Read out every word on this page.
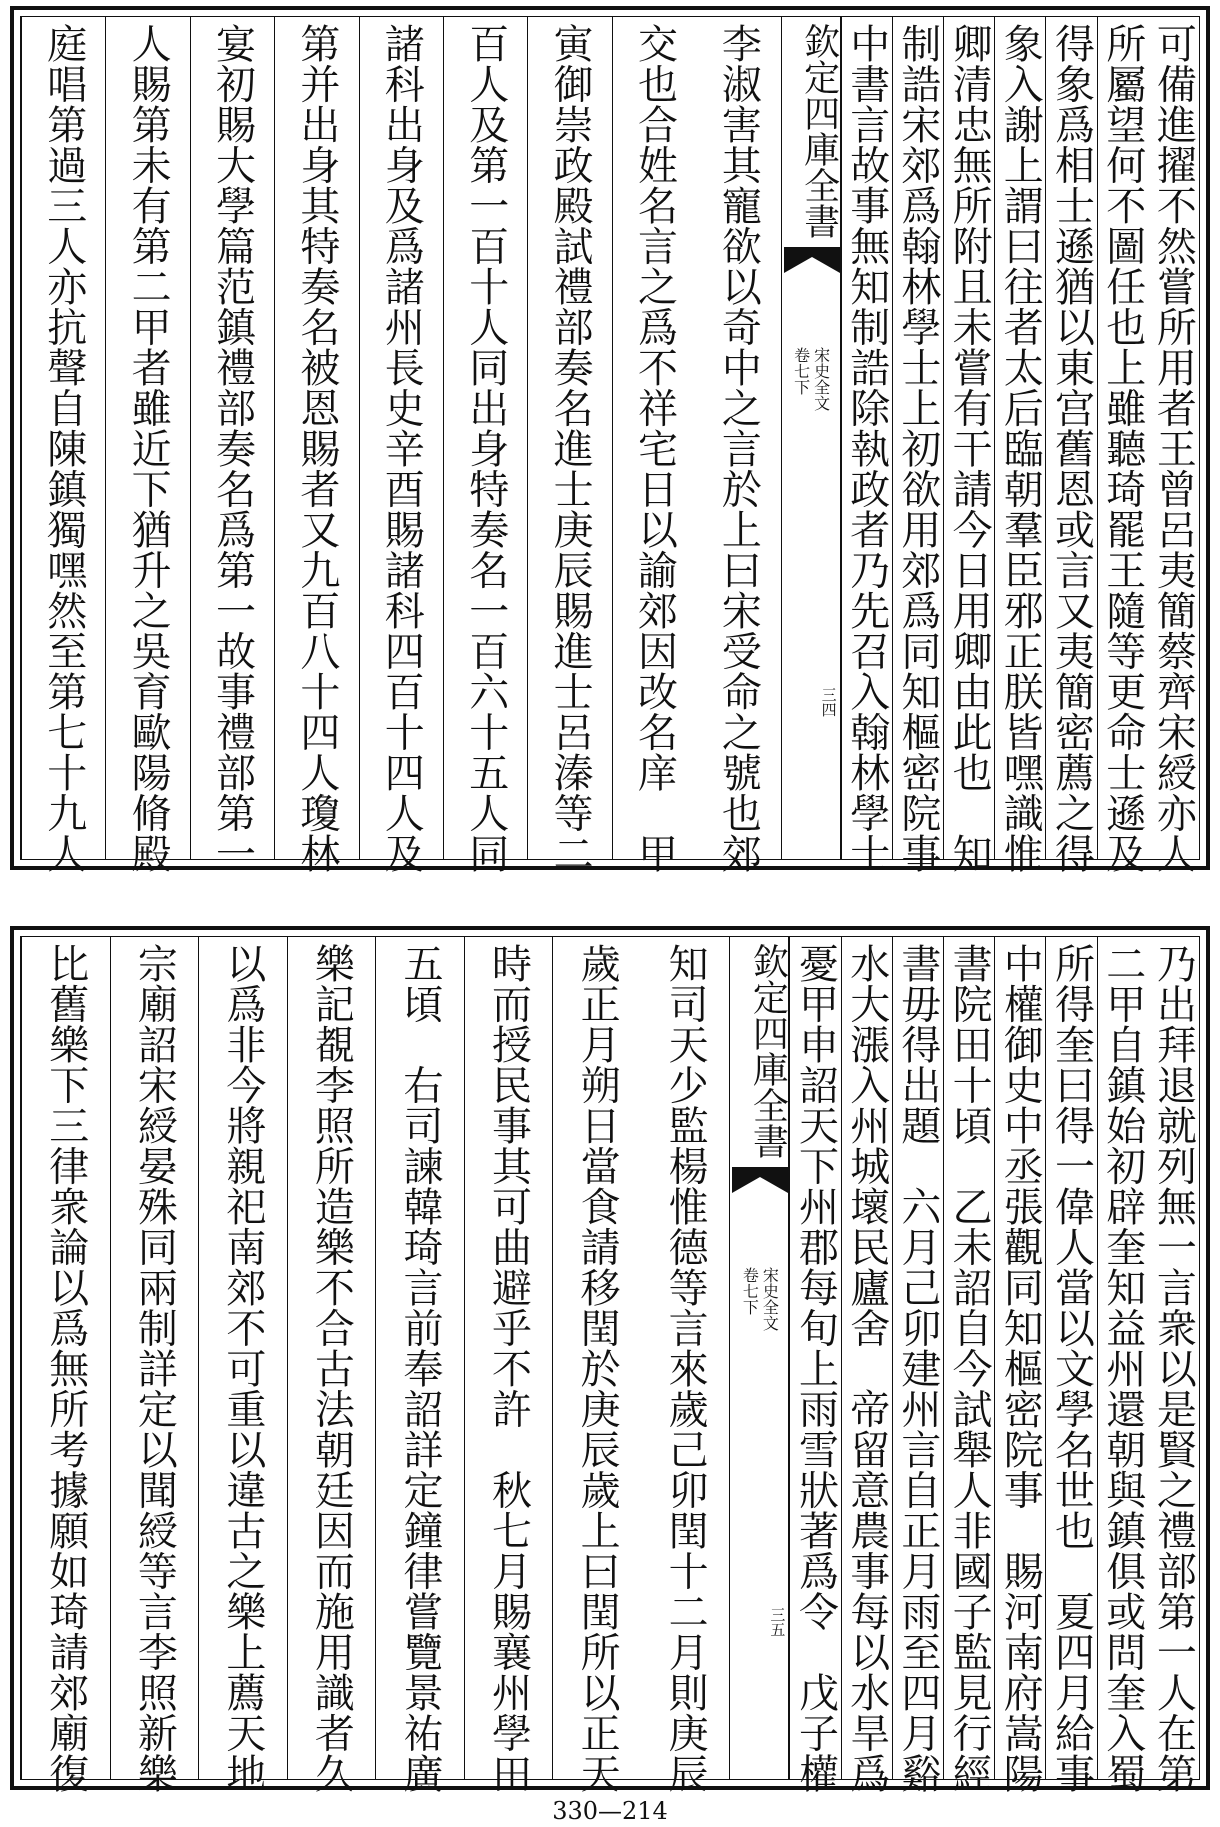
可備進擢不然嘗所用者王曾呂夷簡蔡齊宋綬亦人
所屬望何不圖任也上雖聽琦罷王隨等更命士遜及
得象爲相士遜猶以東宫舊恩或言又夷簡密薦之得
象入謝上謂曰往者太后臨朝羣臣邪正朕皆嘿識惟
卿清忠無所附且未嘗有干請今日用卿由此也　知
制誥宋郊爲翰林學士上初欲用郊爲同知樞密院事
中書言故事無知制誥除執政者乃先召入翰林學士
欽定四庫全書
宋史全文
卷七下
三四
李淑害其寵欲以奇中之言於上曰宋受命之號也郊
交也合姓名言之爲不祥宅日以諭郊因改名庠　甲
寅御崇政殿試禮部奏名進士庚辰賜進士呂溱等二
百人及第一百十人同出身特奏名一百六十五人同
諸科出身及爲諸州長史辛酉賜諸科四百十四人及
第并出身其特奏名被恩賜者又九百八十四人瓊林
宴初賜大學篇范鎮禮部奏名爲第一故事禮部第一
人賜第未有第二甲者雖近下猶升之吳育歐陽脩殿
庭唱第過三人亦抗聲自陳鎮獨嘿然至第七十九人
乃出拜退就列無一言衆以是賢之禮部第一人在第
二甲自鎮始初辟奎知益州還朝與鎮俱或問奎入蜀
所得奎曰得一偉人當以文學名世也　夏四月給事
中權御史中丞張觀同知樞密院事　賜河南府嵩陽
書院田十頃　乙未詔自今試舉人非國子監見行經
書毋得出題　六月己卯建州言自正月雨至四月谿
水大漲入州城壞民廬舍　帝留意農事每以水旱爲
憂甲申詔天下州郡每旬上雨雪狀著爲令　戊子權
欽定四庫全書
宋史全文
卷七下
三五
知司天少監楊惟德等言來歲己卯閏十二月則庚辰
歲正月朔日當食請移閏於庚辰歲上曰閏所以正天
時而授民事其可曲避乎不許　秋七月賜襄州學田
五頃　右司諫韓琦言前奉詔詳定鐘律嘗覽景祐廣
樂記覩李照所造樂不合古法朝廷因而施用識者久
以爲非今將親祀南郊不可重以違古之樂上薦天地
宗廟詔宋綬晏殊同兩制詳定以聞綬等言李照新樂
比舊樂下三律衆論以爲無所考據願如琦請郊廟復
330—214
